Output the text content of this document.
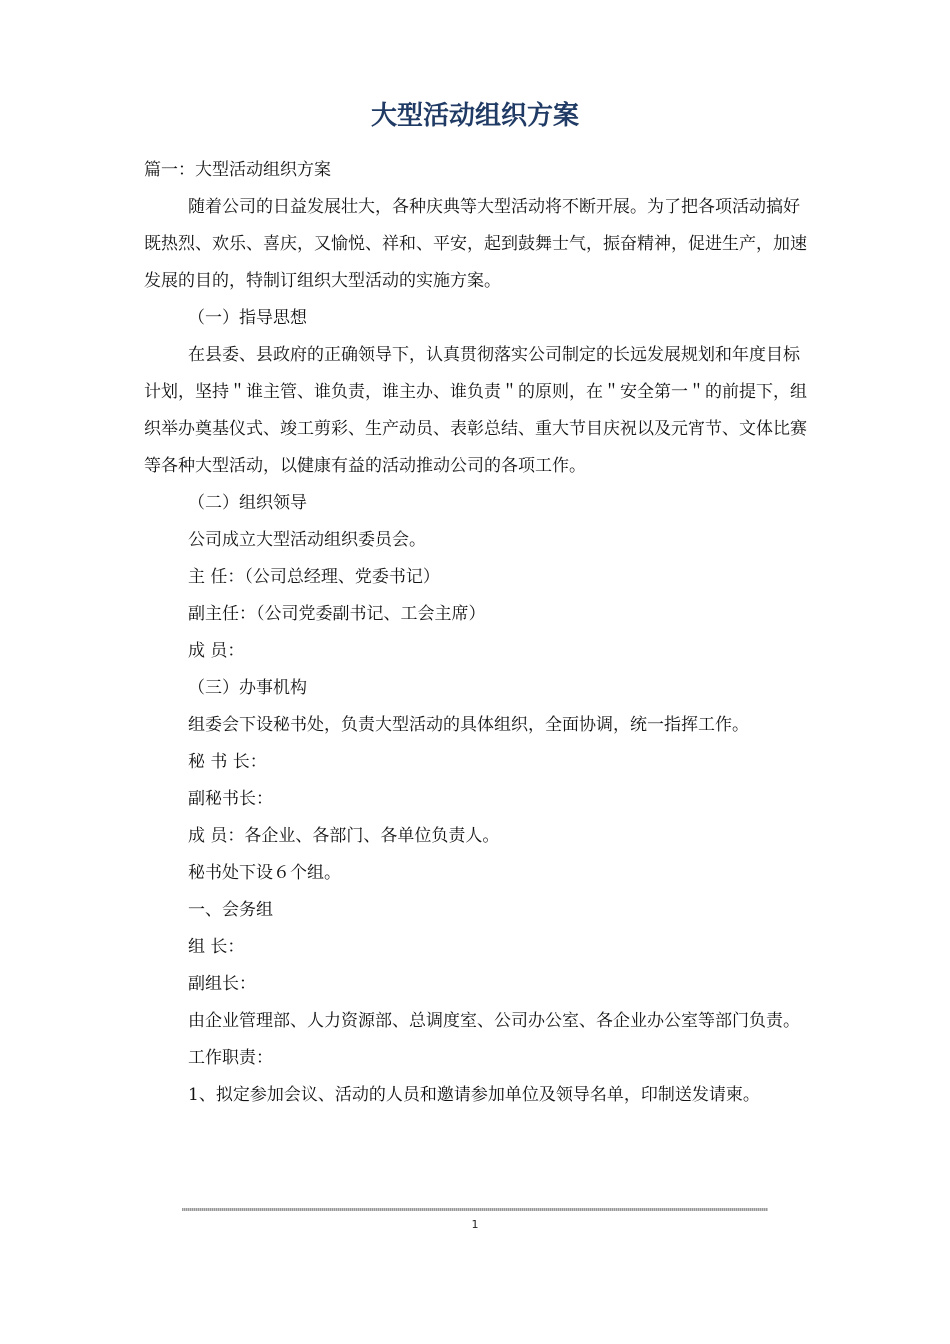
大型活动组织方案

篇一：大型活动组织方案

随着公司的日益发展壮大，各种庆典等大型活动将不断开展。为了把各项活动搞好既热烈、欢乐、喜庆，又愉悦、祥和、平安，起到鼓舞士气，振奋精神，促进生产，加速发展的目的，特制订组织大型活动的实施方案。

（一）指导思想

在县委、县政府的正确领导下，认真贯彻落实公司制定的长远发展规划和年度目标计划，坚持＂谁主管、谁负责，谁主办、谁负责＂的原则，在＂安全第一＂的前提下，组织举办奠基仪式、竣工剪彩、生产动员、表彰总结、重大节目庆祝以及元宵节、文体比赛等各种大型活动，以健康有益的活动推动公司的各项工作。

（二）组织领导

公司成立大型活动组织委员会。

主 任：（公司总经理、党委书记）

副主任：（公司党委副书记、工会主席）

成 员：

（三）办事机构

组委会下设秘书处，负责大型活动的具体组织，全面协调，统一指挥工作。

秘 书 长：

副秘书长：

成 员：各企业、各部门、各单位负责人。

秘书处下设６个组。

一、会务组

组 长：

副组长：

由企业管理部、人力资源部、总调度室、公司办公室、各企业办公室等部门负责。

工作职责：

1、拟定参加会议、活动的人员和邀请参加单位及领导名单，印制送发请柬。

1
